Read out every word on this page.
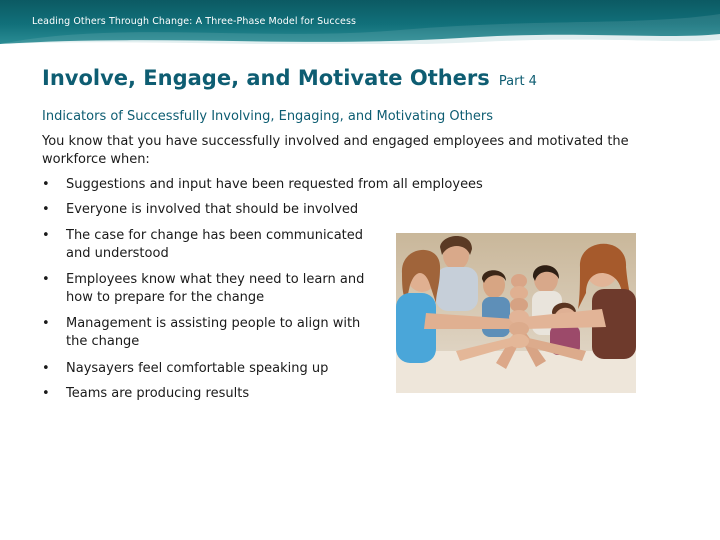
Leading Others Through Change: A Three-Phase Model for Success
Involve, Engage, and Motivate Others Part 4
Indicators of Successfully Involving, Engaging, and Motivating Others
You know that you have successfully involved and engaged employees and motivated the
workforce when:
• Suggestions and input have been requested from all employees
• Everyone is involved that should be involved
• The case for change has been communicated
and understood
• Employees know what they need to learn and
how to prepare for the change
• Management is assisting people to align with
the change
• Naysayers feel comfortable speaking up
• Teams are producing results
